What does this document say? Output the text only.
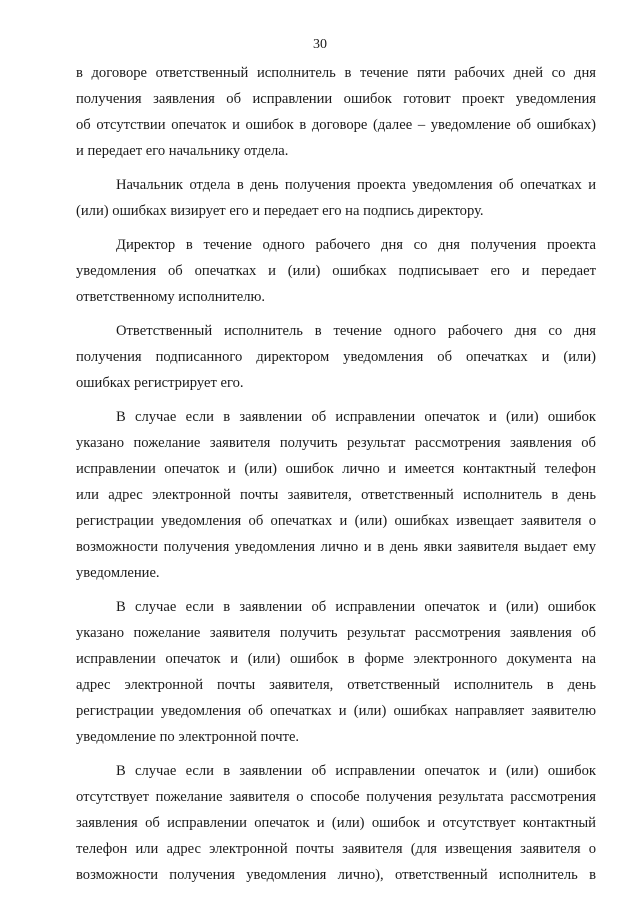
30
в договоре ответственный исполнитель в течение пяти рабочих дней со дня
получения заявления об исправлении ошибок готовит проект уведомления
об отсутствии опечаток и ошибок в договоре (далее – уведомление об ошибках)
и передает его начальнику отдела.
Начальник отдела в день получения проекта уведомления об опечатках и
(или) ошибках визирует его и передает его на подпись директору.
Директор в течение одного рабочего дня со дня получения проекта
уведомления об опечатках и (или) ошибках подписывает его и передает
ответственному исполнителю.
Ответственный исполнитель в течение одного рабочего дня со дня
получения подписанного директором уведомления об опечатках и (или)
ошибках регистрирует его.
В случае если в заявлении об исправлении опечаток и (или) ошибок
указано пожелание заявителя получить результат рассмотрения заявления об
исправлении опечаток и (или) ошибок лично и имеется контактный телефон
или адрес электронной почты заявителя, ответственный исполнитель в день
регистрации уведомления об опечатках и (или) ошибках извещает заявителя о
возможности получения уведомления лично и в день явки заявителя выдает ему
уведомление.
В случае если в заявлении об исправлении опечаток и (или) ошибок
указано пожелание заявителя получить результат рассмотрения заявления об
исправлении опечаток и (или) ошибок в форме электронного документа на
адрес электронной почты заявителя, ответственный исполнитель в день
регистрации уведомления об опечатках и (или) ошибках направляет заявителю
уведомление по электронной почте.
В случае если в заявлении об исправлении опечаток и (или) ошибок
отсутствует пожелание заявителя о способе получения результата рассмотрения
заявления об исправлении опечаток и (или) ошибок и отсутствует контактный
телефон или адрес электронной почты заявителя (для извещения заявителя о
возможности получения уведомления лично), ответственный исполнитель в
